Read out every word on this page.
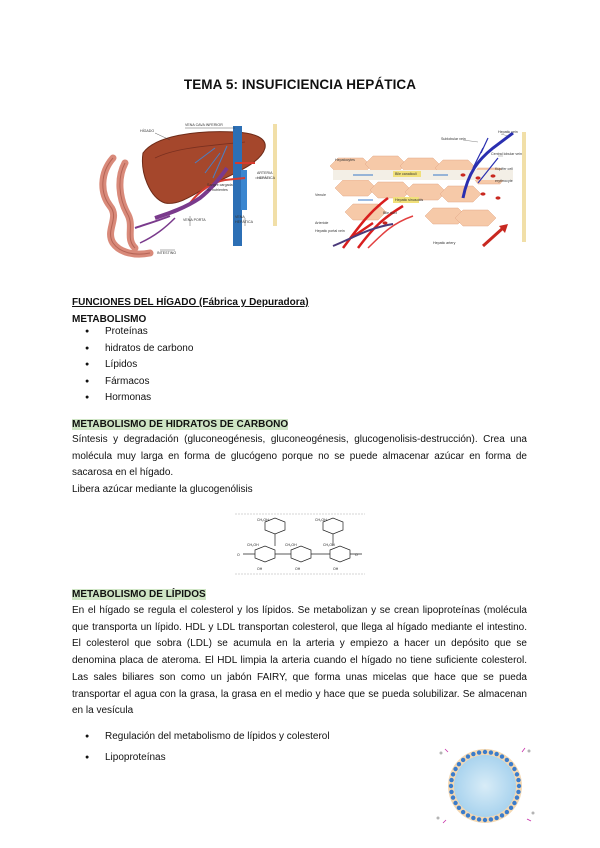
TEMA 5: INSUFICIENCIA HEPÁTICA
HÍGADO
VENA CAVA INFERIOR
ARTERIA
HEPÁTICA
Sangre cargada
de nutrientes
VENA PORTA
VENA
HEPÁTICA
INTESTINO
Sublobular vein
Hepatic vein
Central lobular vein
Hepatocytes
Bile canaliculi
Hepatic sinusoids
Kupffer cell
erythrocyte
Venule
Arteriole
Hepatic portal vein
Bile duct
Hepatic artery
FUNCIONES DEL HÍGADO (Fábrica y Depuradora)
METABOLISMO
● Proteínas
● hidratos de carbono
● Lípidos
● Fármacos
● Hormonas
METABOLISMO DE HIDRATOS DE CARBONO
Síntesis y degradación (gluconeogénesis, gluconeogénesis, glucogenolisis-destrucción). Crea una
molécula muy larga en forma de glucógeno porque no se puede almacenar azúcar en forma de
sacarosa en el hígado.
Libera azúcar mediante la glucogenólisis
CH₂OH	CH₂OH
CH₂OH	CH₂OH	CH₂OH
OH	OH	OH
O	O
METABOLISMO DE LÍPIDOS
En el hígado se regula el colesterol y los lípidos. Se metabolizan y se crean lipoproteínas (molécula
que transporta un lípido. HDL y LDL transportan colesterol, que llega al hígado mediante el intestino.
El colesterol que sobra (LDL) se acumula en la arteria y empiezo a hacer un depósito que se
denomina placa de ateroma. El HDL limpia la arteria cuando el hígado no tiene suficiente colesterol.
Las sales biliares son como un jabón FAIRY, que forma unas micelas que hace que se pueda
transportar el agua con la grasa, la grasa en el medio y hace que se pueda solubilizar. Se almacenan
en la vesícula
● Regulación del metabolismo de lípidos y colesterol
● Lipoproteínas
